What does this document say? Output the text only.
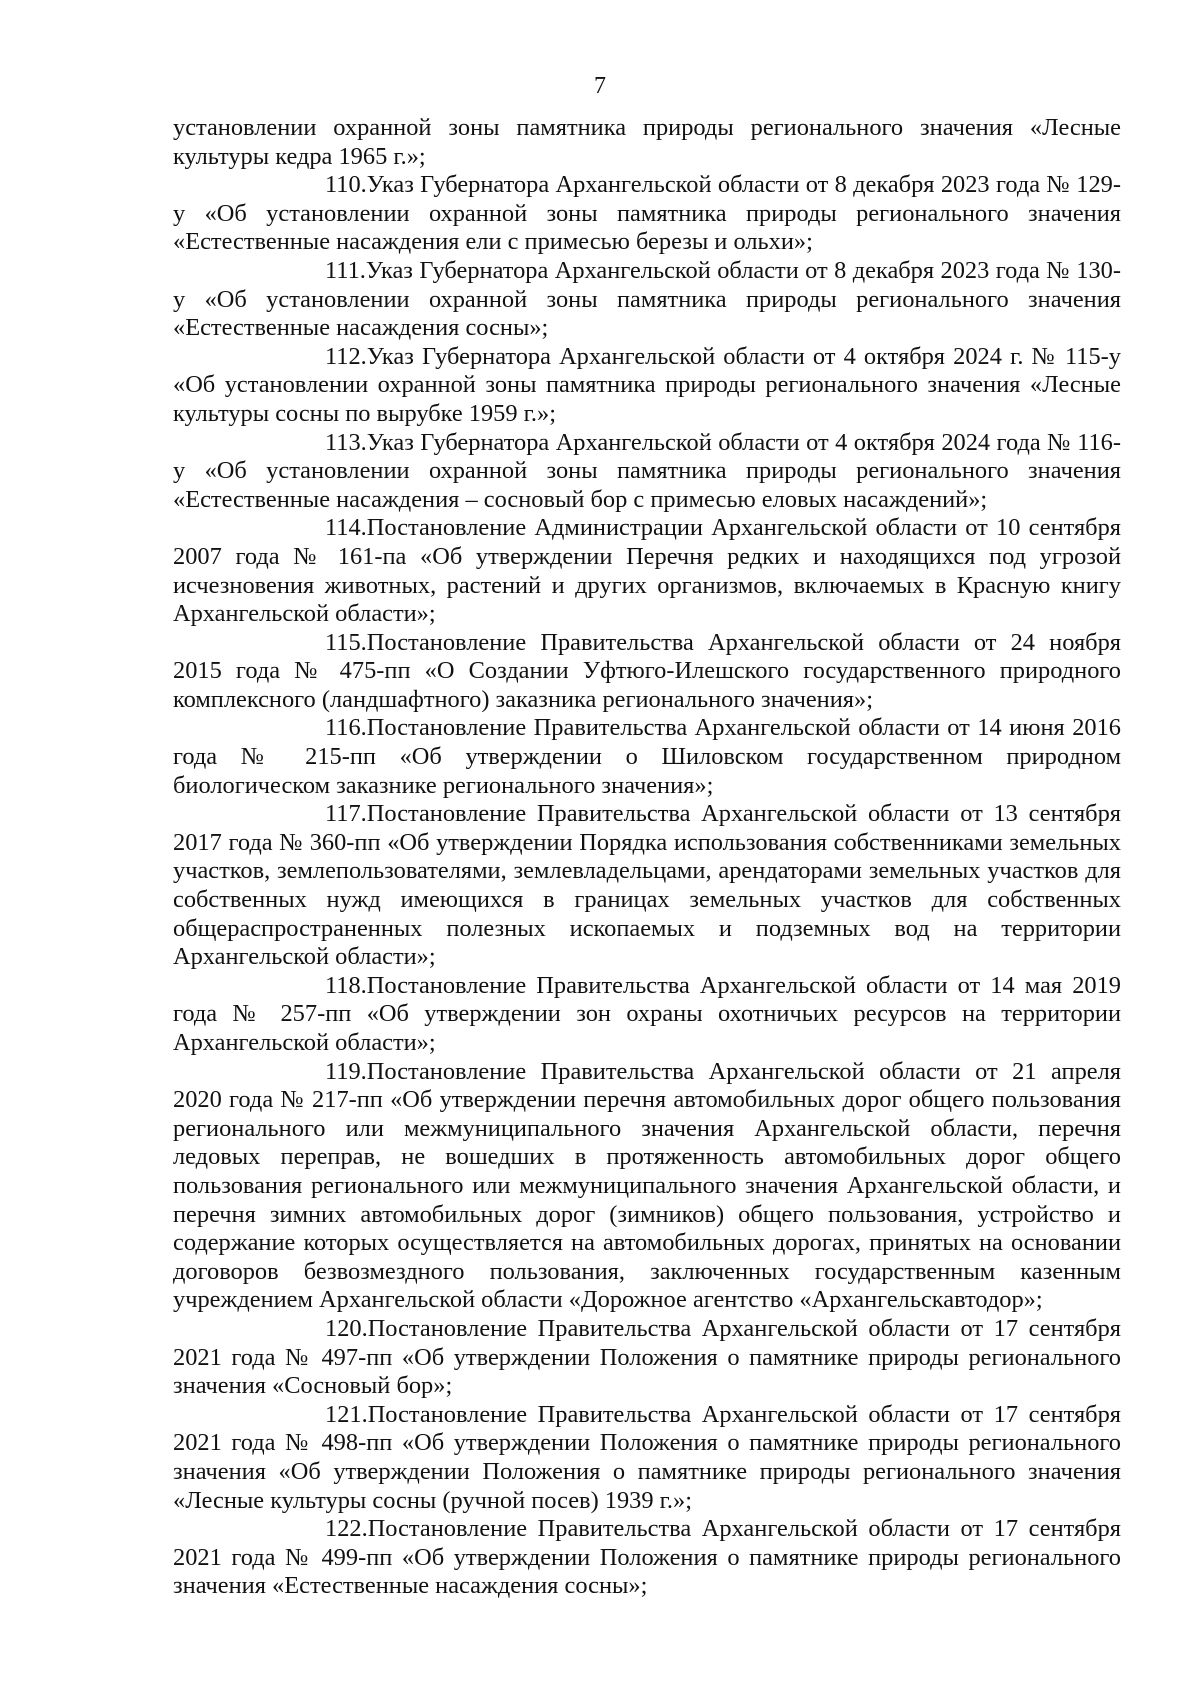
7

установлении охранной зоны памятника природы регионального значения «Лесные культуры кедра 1965 г.»;

110.Указ Губернатора Архангельской области от 8 декабря 2023 года № 129-у «Об установлении охранной зоны памятника природы регионального значения «Естественные насаждения ели с примесью березы и ольхи»;

111.Указ Губернатора Архангельской области от 8 декабря 2023 года № 130-у «Об установлении охранной зоны памятника природы регионального значения «Естественные насаждения сосны»;

112.Указ Губернатора Архангельской области от 4 октября 2024 г. № 115-у «Об установлении охранной зоны памятника природы регионального значения «Лесные культуры сосны по вырубке 1959 г.»;

113.Указ Губернатора Архангельской области от 4 октября 2024 года № 116-у «Об установлении охранной зоны памятника природы регионального значения «Естественные насаждения – сосновый бор с примесью еловых насаждений»;

114.Постановление Администрации Архангельской области от 10 сентября 2007 года № 161-па «Об утверждении Перечня редких и находящихся под угрозой исчезновения животных, растений и других организмов, включаемых в Красную книгу Архангельской области»;

115.Постановление Правительства Архангельской области от 24 ноября 2015 года № 475-пп «О Создании Уфтюго-Илешского государственного природного комплексного (ландшафтного) заказника регионального значения»;

116.Постановление Правительства Архангельской области от 14 июня 2016 года № 215-пп «Об утверждении о Шиловском государственном природном биологическом заказнике регионального значения»;

117.Постановление Правительства Архангельской области от 13 сентября 2017 года № 360-пп «Об утверждении Порядка использования собственниками земельных участков, землепользователями, землевладельцами, арендаторами земельных участков для собственных нужд имеющихся в границах земельных участков для собственных общераспространенных полезных ископаемых и подземных вод на территории Архангельской области»;

118.Постановление Правительства Архангельской области от 14 мая 2019 года № 257-пп «Об утверждении зон охраны охотничьих ресурсов на территории Архангельской области»;

119.Постановление Правительства Архангельской области от 21 апреля 2020 года № 217-пп «Об утверждении перечня автомобильных дорог общего пользования регионального или межмуниципального значения Архангельской области, перечня ледовых переправ, не вошедших в протяженность автомобильных дорог общего пользования регионального или межмуниципального значения Архангельской области, и перечня зимних автомобильных дорог (зимников) общего пользования, устройство и содержание которых осуществляется на автомобильных дорогах, принятых на основании договоров безвозмездного пользования, заключенных государственным казенным учреждением Архангельской области «Дорожное агентство «Архангельскавтодор»;

120.Постановление Правительства Архангельской области от 17 сентября 2021 года № 497-пп «Об утверждении Положения о памятнике природы регионального значения «Сосновый бор»;

121.Постановление Правительства Архангельской области от 17 сентября 2021 года № 498-пп «Об утверждении Положения о памятнике природы регионального значения «Об утверждении Положения о памятнике природы регионального значения «Лесные культуры сосны (ручной посев) 1939 г.»;

122.Постановление Правительства Архангельской области от 17 сентября 2021 года № 499-пп «Об утверждении Положения о памятнике природы регионального значения «Естественные насаждения сосны»;
